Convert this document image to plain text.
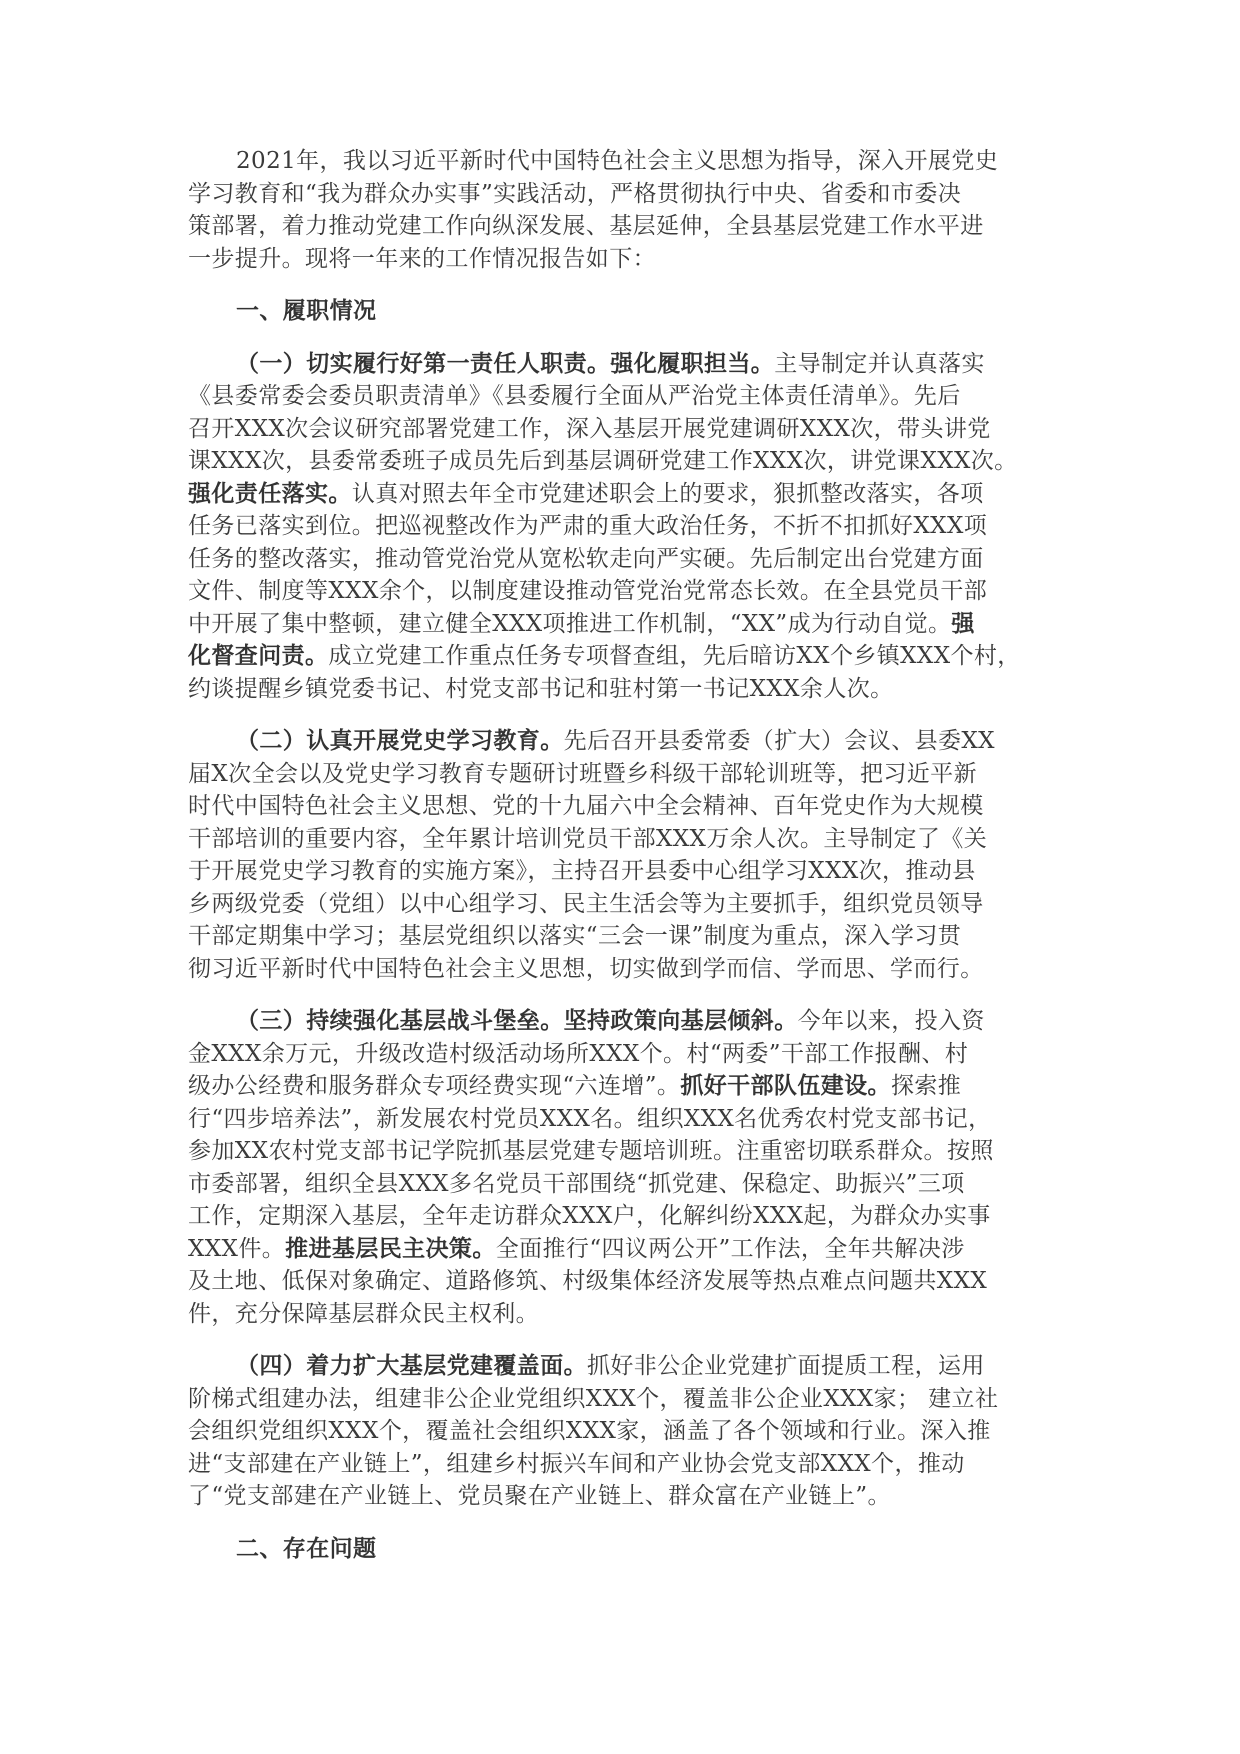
2021年，我以习近平新时代中国特色社会主义思想为指导，深入开展党史
学习教育和“我为群众办实事”实践活动，严格贯彻执行中央、省委和市委决
策部署，着力推动党建工作向纵深发展、基层延伸，全县基层党建工作水平进
一步提升。现将一年来的工作情况报告如下：
一、履职情况
（一）切实履行好第一责任人职责。强化履职担当。主导制定并认真落实
《县委常委会委员职责清单》《县委履行全面从严治党主体责任清单》。先后
召开XXX次会议研究部署党建工作，深入基层开展党建调研XXX次，带头讲党
课XXX次，县委常委班子成员先后到基层调研党建工作XXX次，讲党课XXX次。
强化责任落实。认真对照去年全市党建述职会上的要求，狠抓整改落实，各项
任务已落实到位。把巡视整改作为严肃的重大政治任务，不折不扣抓好XXX项
任务的整改落实，推动管党治党从宽松软走向严实硬。先后制定出台党建方面
文件、制度等XXX余个，以制度建设推动管党治党常态长效。在全县党员干部
中开展了集中整顿，建立健全XXX项推进工作机制，“XX”成为行动自觉。强
化督查问责。成立党建工作重点任务专项督查组，先后暗访XX个乡镇XXX个村，
约谈提醒乡镇党委书记、村党支部书记和驻村第一书记XXX余人次。
（二）认真开展党史学习教育。先后召开县委常委（扩大）会议、县委XX
届X次全会以及党史学习教育专题研讨班暨乡科级干部轮训班等，把习近平新
时代中国特色社会主义思想、党的十九届六中全会精神、百年党史作为大规模
干部培训的重要内容，全年累计培训党员干部XXX万余人次。主导制定了《关
于开展党史学习教育的实施方案》，主持召开县委中心组学习XXX次，推动县
乡两级党委（党组）以中心组学习、民主生活会等为主要抓手，组织党员领导
干部定期集中学习；基层党组织以落实“三会一课”制度为重点，深入学习贯
彻习近平新时代中国特色社会主义思想，切实做到学而信、学而思、学而行。
（三）持续强化基层战斗堡垒。坚持政策向基层倾斜。今年以来，投入资
金XXX余万元，升级改造村级活动场所XXX个。村“两委”干部工作报酬、村
级办公经费和服务群众专项经费实现“六连增”。抓好干部队伍建设。探索推
行“四步培养法”，新发展农村党员XXX名。组织XXX名优秀农村党支部书记，
参加XX农村党支部书记学院抓基层党建专题培训班。注重密切联系群众。按照
市委部署，组织全县XXX多名党员干部围绕“抓党建、保稳定、助振兴”三项
工作，定期深入基层，全年走访群众XXX户，化解纠纷XXX起，为群众办实事
XXX件。推进基层民主决策。全面推行“四议两公开”工作法，全年共解决涉
及土地、低保对象确定、道路修筑、村级集体经济发展等热点难点问题共XXX
件，充分保障基层群众民主权利。
（四）着力扩大基层党建覆盖面。抓好非公企业党建扩面提质工程，运用
阶梯式组建办法，组建非公企业党组织XXX个，覆盖非公企业XXX家； 建立社
会组织党组织XXX个，覆盖社会组织XXX家，涵盖了各个领域和行业。深入推
进“支部建在产业链上”，组建乡村振兴车间和产业协会党支部XXX个，推动
了“党支部建在产业链上、党员聚在产业链上、群众富在产业链上”。
二、存在问题
